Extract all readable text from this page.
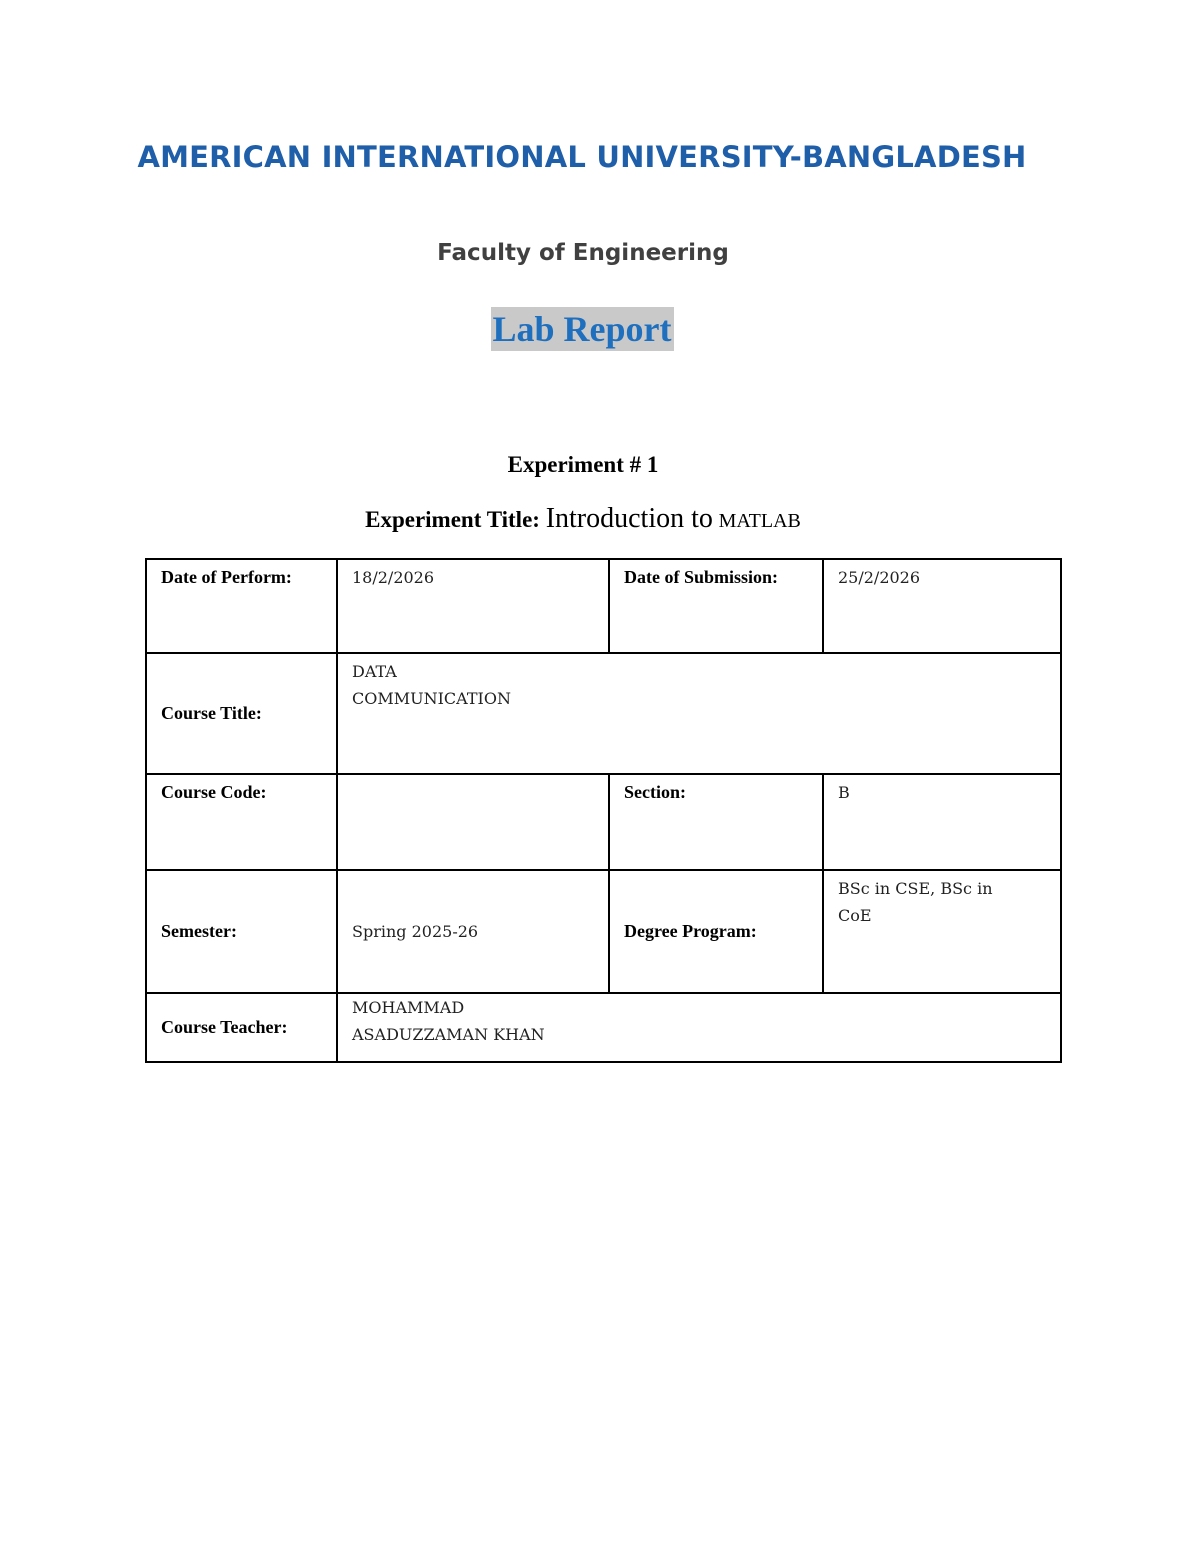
AMERICAN INTERNATIONAL UNIVERSITY-BANGLADESH
Faculty of Engineering
Lab Report
Experiment # 1
Experiment Title: Introduction to MATLAB
Date of Perform:	18/2/2026	Date of Submission:	25/2/2026
Course Title:	DATA
COMMUNICATION		

Course Code:		Section:	B
Semester:	Spring 2025-26	Degree Program:	BSc in CSE, BSc in
CoE

Course Teacher:	MOHAMMAD
ASADUZZAMAN KHAN		
